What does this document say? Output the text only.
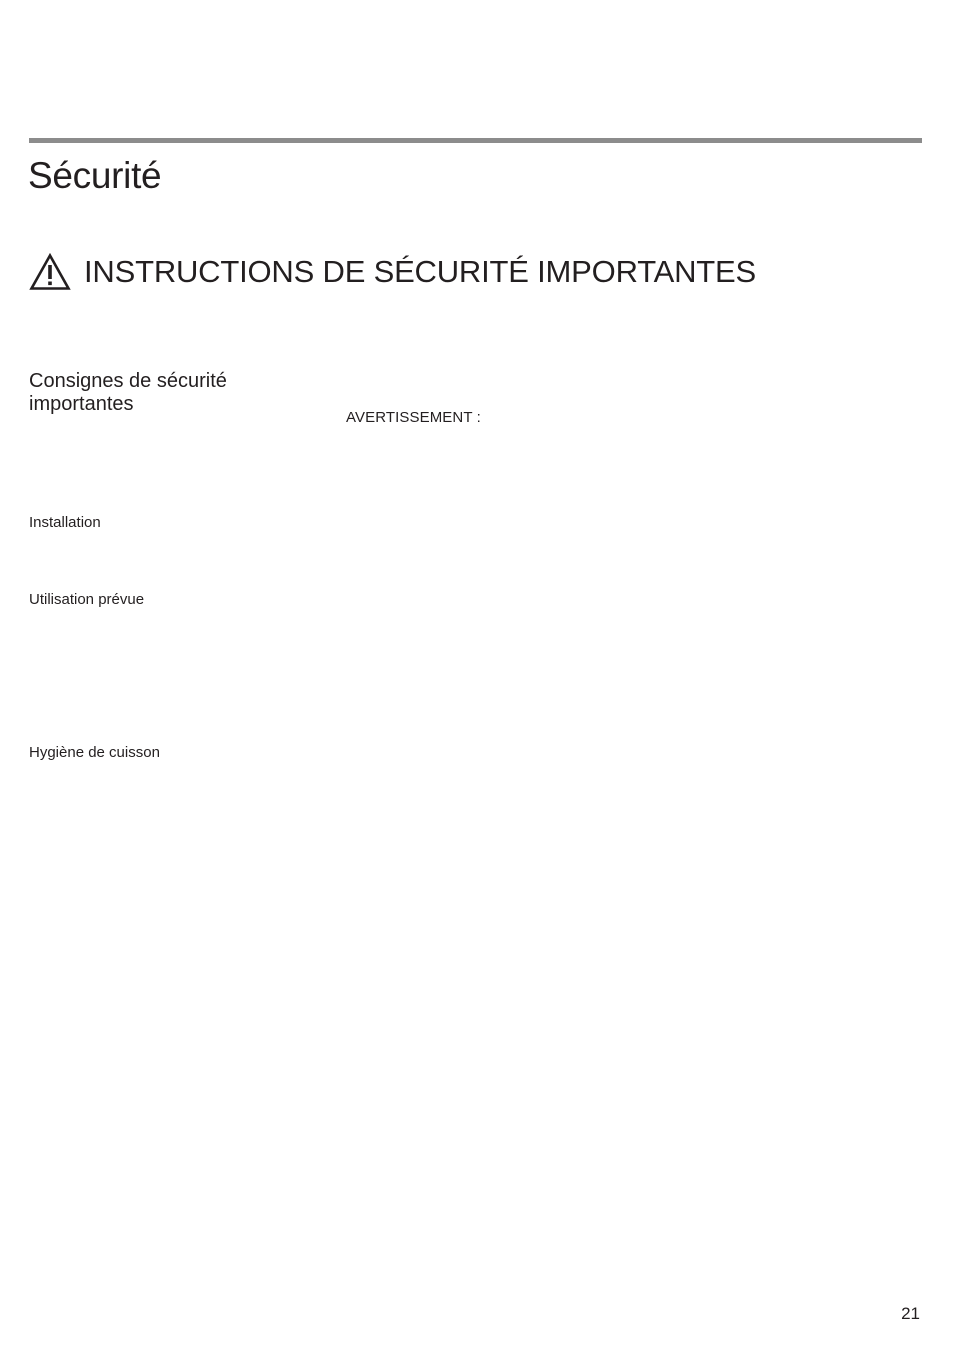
Sécurité
INSTRUCTIONS DE SÉCURITÉ IMPORTANTES
Consignes de sécurité
importantes
AVERTISSEMENT :
Installation
Utilisation prévue
Hygiène de cuisson
21
